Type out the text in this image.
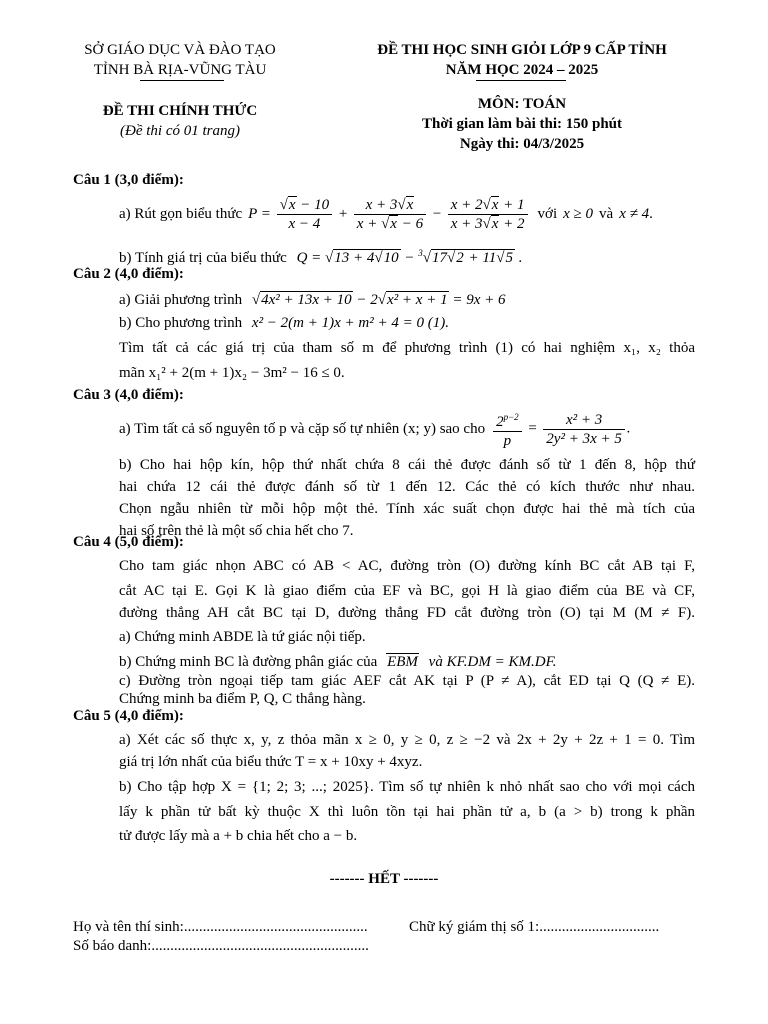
SỞ GIÁO DỤC VÀ ĐÀO TẠO
TỈNH BÀ RỊA-VŨNG TÀU
ĐỀ THI HỌC SINH GIỎI LỚP 9 CẤP TỈNH
NĂM HỌC 2024 – 2025
ĐỀ THI CHÍNH THỨC
(Đề thi có 01 trang)
MÔN: TOÁN
Thời gian làm bài thi: 150 phút
Ngày thi: 04/3/2025
Câu 1 (3,0 điểm):
a) Rút gọn biểu thức $P = \frac{√x - 10}{x - 4} + \frac{x + 3√x}{x + √x - 6} - \frac{x + 2√x + 1}{x + 3√x + 2}$ với x ≥ 0 và x ≠ 4 .
b) Tính giá trị của biểu thức Q = √13 + 4√10 − $^3$√17√2 + 11√5 .
Câu 2 (4,0 điểm):
a) Giải phương trình √4x² + 13x + 10 − 2√x² + x + 1 = 9x + 6
b) Cho phương trình x² − 2(m + 1)x + m² + 4 = 0 (1).
Tìm tất cả các giá trị của tham số m để phương trình (1) có hai nghiệm x₁, x₂ thỏa
mãn x₁² + 2(m + 1)x₂ − 3m² − 16 ≤ 0.
Câu 3 (4,0 điểm):
a) Tìm tất cả số nguyên tố p và cặp số tự nhiên (x; y) sao cho $\frac{2^{p-2}}{p} = \frac{\text{x² + 3}}{\text{2y² + 3x + 5}}$ .
b) Cho hai hộp kín, hộp thứ nhất chứa 8 cái thẻ được đánh số từ 1 đến 8, hộp thứ
hai chứa 12 cái thẻ được đánh số từ 1 đến 12. Các thẻ có kích thước như nhau.
Chọn ngẫu nhiên từ mỗi hộp một thẻ. Tính xác suất chọn được hai thẻ mà tích của
hai số trên thẻ là một số chia hết cho 7.
Câu 4 (5,0 điểm):
Cho tam giác nhọn ABC có AB < AC, đường tròn (O) đường kính BC cắt AB tại F,
cắt AC tại E. Gọi K là giao điểm của EF và BC, gọi H là giao điểm của BE và CF,
đường thẳng AH cắt BC tại D, đường thẳng FD cắt đường tròn (O) tại M (M ≠ F).
a) Chứng minh ABDE là tứ giác nội tiếp.
b) Chứng minh BC là đường phân giác của EBM và KF.DM = KM.DF.
c) Đường tròn ngoại tiếp tam giác AEF cắt AK tại P (P ≠ A), cắt ED tại Q (Q ≠ E).
Chứng minh ba điểm P, Q, C thẳng hàng.
Câu 5 (4,0 điểm):
a) Xét các số thực x, y, z thỏa mãn x ≥ 0, y ≥ 0, z ≥ −2 và 2x + 2y + 2z + 1 = 0. Tìm
giá trị lớn nhất của biểu thức T = x + 10xy + 4xyz.
b) Cho tập hợp X = {1; 2; 3; ...; 2025}. Tìm số tự nhiên k nhỏ nhất sao cho với mọi cách
lấy k phần tử bất kỳ thuộc X thì luôn tồn tại hai phần tử a, b (a > b) trong k phần
tử được lấy mà a + b chia hết cho a − b.
------- HẾT -------
Họ và tên thí sinh:.................................................	Chữ ký giám thị số 1:................................
Số báo danh:..........................................................
